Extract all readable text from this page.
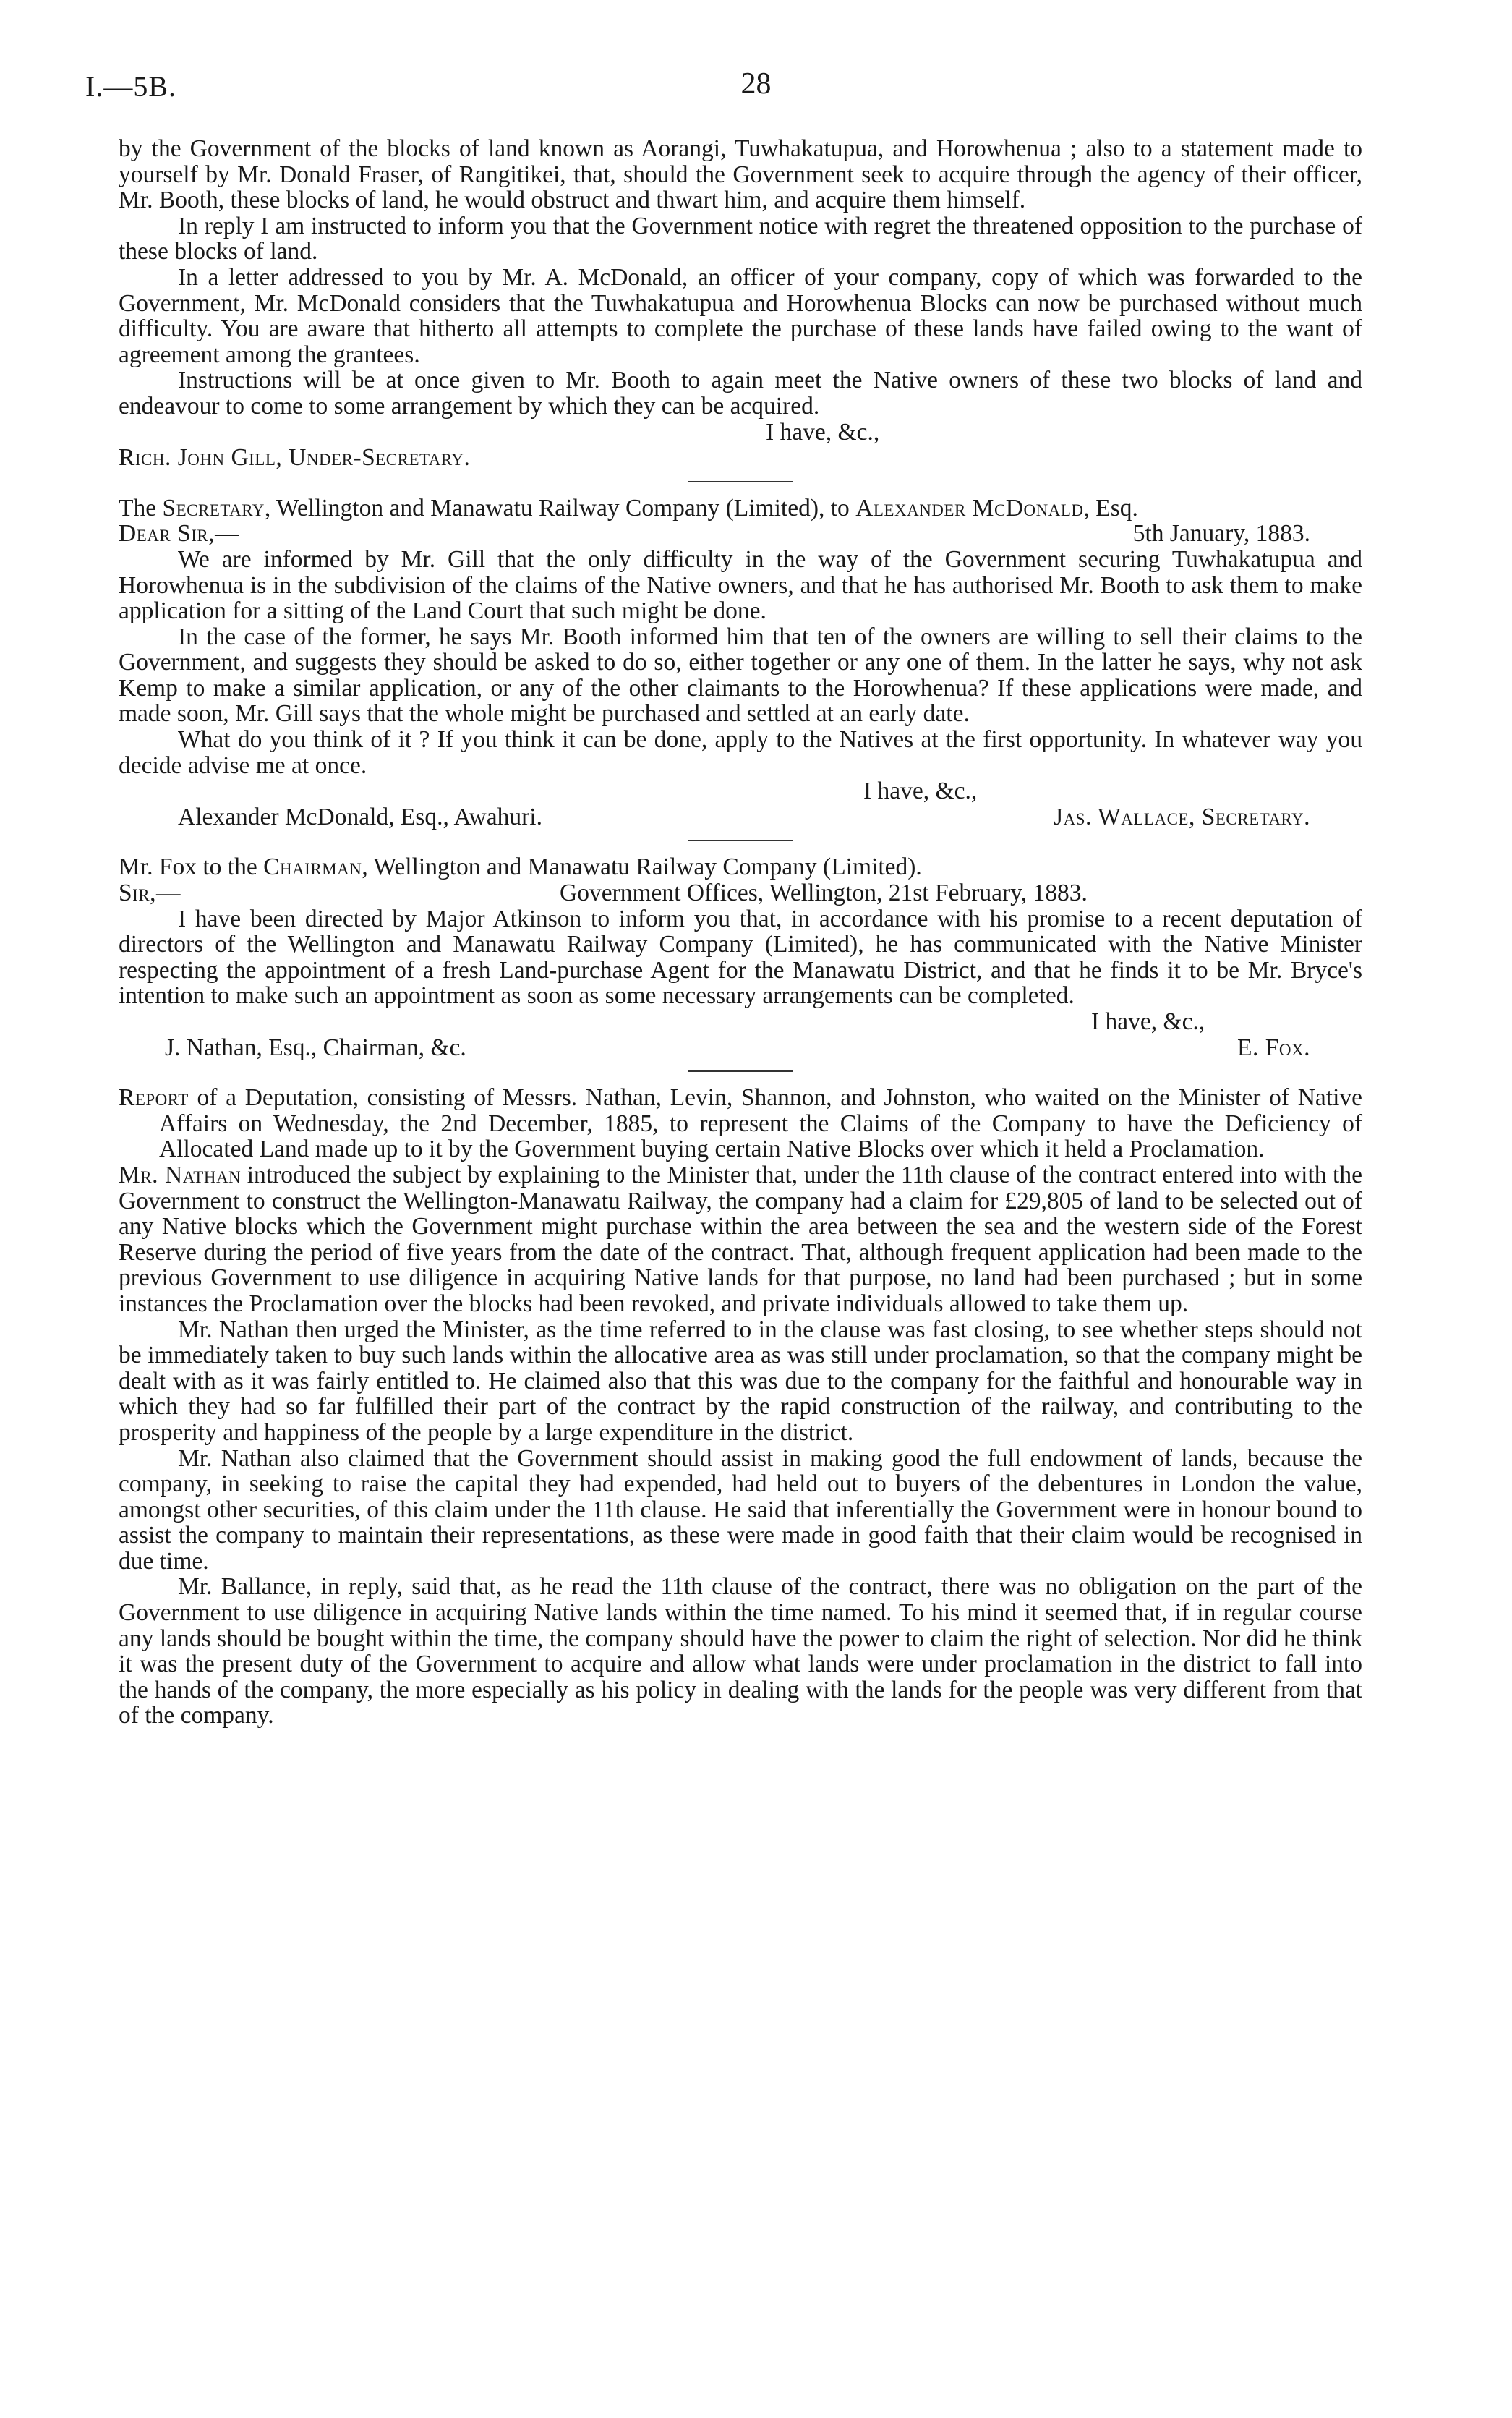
I.—5B.	28

by the Government of the blocks of land known as Aorangi, Tuwhakatupua, and Horowhenua ; also to a statement made to yourself by Mr. Donald Fraser, of Rangitikei, that, should the Government seek to acquire through the agency of their officer, Mr. Booth, these blocks of land, he would obstruct and thwart him, and acquire them himself.

In reply I am instructed to inform you that the Government notice with regret the threatened opposition to the purchase of these blocks of land.

In a letter addressed to you by Mr. A. McDonald, an officer of your company, copy of which was forwarded to the Government, Mr. McDonald considers that the Tuwhakatupua and Horowhenua Blocks can now be purchased without much difficulty. You are aware that hitherto all attempts to complete the purchase of these lands have failed owing to the want of agreement among the grantees.

Instructions will be at once given to Mr. Booth to again meet the Native owners of these two blocks of land and endeavour to come to some arrangement by which they can be acquired.

I have, &c.,

Rich. John Gill, Under-Secretary.

The Secretary, Wellington and Manawatu Railway Company (Limited), to Alexander McDonald, Esq.

Dear Sir,—	5th January, 1883.

We are informed by Mr. Gill that the only difficulty in the way of the Government securing Tuwhakatupua and Horowhenua is in the subdivision of the claims of the Native owners, and that he has authorised Mr. Booth to ask them to make application for a sitting of the Land Court that such might be done.

In the case of the former, he says Mr. Booth informed him that ten of the owners are willing to sell their claims to the Government, and suggests they should be asked to do so, either together or any one of them. In the latter he says, why not ask Kemp to make a similar application, or any of the other claimants to the Horowhenua? If these applications were made, and made soon, Mr. Gill says that the whole might be purchased and settled at an early date.

What do you think of it ? If you think it can be done, apply to the Natives at the first opportunity. In whatever way you decide advise me at once.

I have, &c.,

Alexander McDonald, Esq., Awahuri.	Jas. Wallace, Secretary.

Mr. Fox to the Chairman, Wellington and Manawatu Railway Company (Limited).

Sir,—	Government Offices, Wellington, 21st February, 1883.

I have been directed by Major Atkinson to inform you that, in accordance with his promise to a recent deputation of directors of the Wellington and Manawatu Railway Company (Limited), he has communicated with the Native Minister respecting the appointment of a fresh Land-purchase Agent for the Manawatu District, and that he finds it to be Mr. Bryce's intention to make such an appointment as soon as some necessary arrangements can be completed.

I have, &c.,

J. Nathan, Esq., Chairman, &c.	E. Fox.

Report of a Deputation, consisting of Messrs. Nathan, Levin, Shannon, and Johnston, who waited on the Minister of Native Affairs on Wednesday, the 2nd December, 1885, to represent the Claims of the Company to have the Deficiency of Allocated Land made up to it by the Government buying certain Native Blocks over which it held a Proclamation.

Mr. Nathan introduced the subject by explaining to the Minister that, under the 11th clause of the contract entered into with the Government to construct the Wellington-Manawatu Railway, the company had a claim for £29,805 of land to be selected out of any Native blocks which the Government might purchase within the area between the sea and the western side of the Forest Reserve during the period of five years from the date of the contract. That, although frequent application had been made to the previous Government to use diligence in acquiring Native lands for that purpose, no land had been purchased ; but in some instances the Proclamation over the blocks had been revoked, and private individuals allowed to take them up.

Mr. Nathan then urged the Minister, as the time referred to in the clause was fast closing, to see whether steps should not be immediately taken to buy such lands within the allocative area as was still under proclamation, so that the company might be dealt with as it was fairly entitled to. He claimed also that this was due to the company for the faithful and honourable way in which they had so far fulfilled their part of the contract by the rapid construction of the railway, and contributing to the prosperity and happiness of the people by a large expenditure in the district.

Mr. Nathan also claimed that the Government should assist in making good the full endowment of lands, because the company, in seeking to raise the capital they had expended, had held out to buyers of the debentures in London the value, amongst other securities, of this claim under the 11th clause. He said that inferentially the Government were in honour bound to assist the company to maintain their representations, as these were made in good faith that their claim would be recognised in due time.

Mr. Ballance, in reply, said that, as he read the 11th clause of the contract, there was no obligation on the part of the Government to use diligence in acquiring Native lands within the time named. To his mind it seemed that, if in regular course any lands should be bought within the time, the company should have the power to claim the right of selection. Nor did he think it was the present duty of the Government to acquire and allow what lands were under proclamation in the district to fall into the hands of the company, the more especially as his policy in dealing with the lands for the people was very different from that of the company.
